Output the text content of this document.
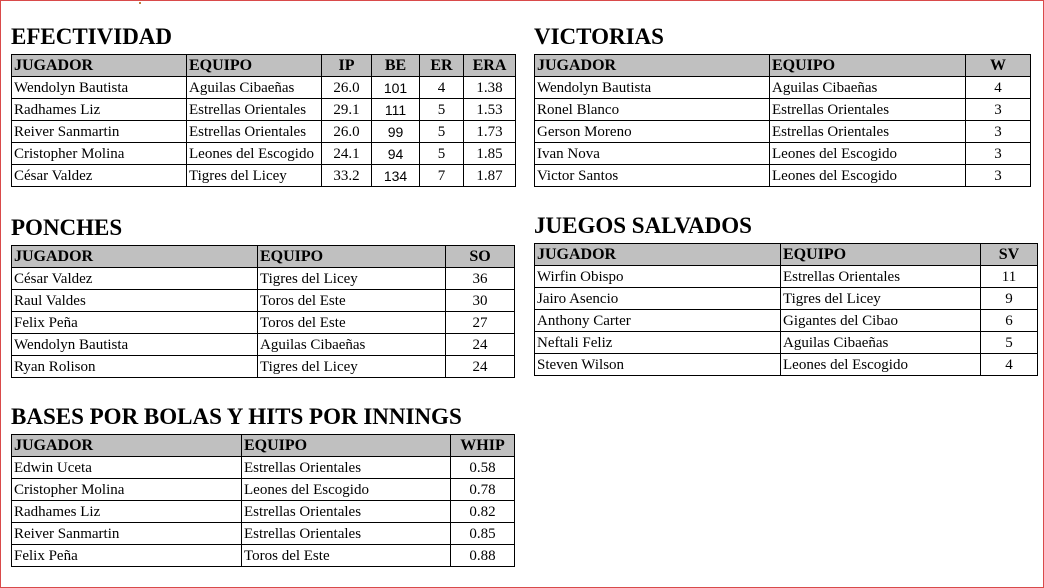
EFECTIVIDAD
JUGADOR	EQUIPO	IP	BE	ER	ERA
Wendolyn Bautista	Aguilas Cibaeñas	26.0	101	4	1.38
Radhames Liz	Estrellas Orientales	29.1	111	5	1.53
Reiver Sanmartin	Estrellas Orientales	26.0	99	5	1.73
Cristopher Molina	Leones del Escogido	24.1	94	5	1.85
César Valdez	Tigres del Licey	33.2	134	7	1.87
VICTORIAS
JUGADOR	EQUIPO	W
Wendolyn Bautista	Aguilas Cibaeñas	4
Ronel Blanco	Estrellas Orientales	3
Gerson Moreno	Estrellas Orientales	3
Ivan Nova	Leones del Escogido	3
Victor Santos	Leones del Escogido	3
PONCHES
JUGADOR	EQUIPO	SO
César Valdez	Tigres del Licey	36
Raul Valdes	Toros del Este	30
Felix Peña	Toros del Este	27
Wendolyn Bautista	Aguilas Cibaeñas	24
Ryan Rolison	Tigres del Licey	24
JUEGOS SALVADOS
JUGADOR	EQUIPO	SV
Wirfin Obispo	Estrellas Orientales	11
Jairo Asencio	Tigres del Licey	9
Anthony Carter	Gigantes del Cibao	6
Neftali Feliz	Aguilas Cibaeñas	5
Steven Wilson	Leones del Escogido	4
BASES POR BOLAS Y HITS POR INNINGS
JUGADOR	EQUIPO	WHIP
Edwin Uceta	Estrellas Orientales	0.58
Cristopher Molina	Leones del Escogido	0.78
Radhames Liz	Estrellas Orientales	0.82
Reiver Sanmartin	Estrellas Orientales	0.85
Felix Peña	Toros del Este	0.88
